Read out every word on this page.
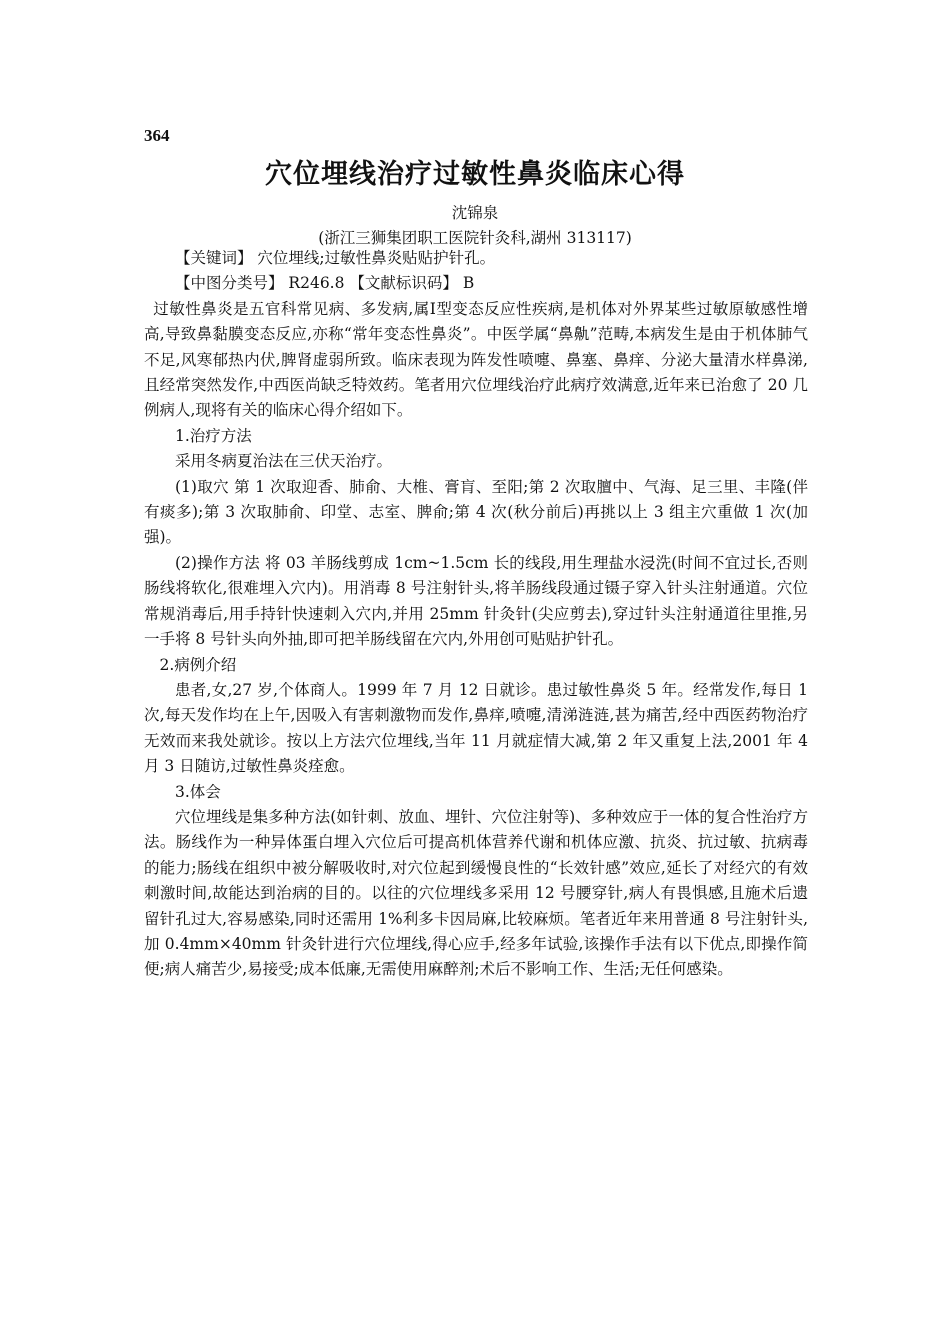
364
穴位埋线治疗过敏性鼻炎临床心得
沈锦泉
(浙江三狮集团职工医院针灸科,湖州 313117)

【关键词】 穴位埋线;过敏性鼻炎贴贴护针孔。

【中图分类号】 R246.8 【文献标识码】 B

过敏性鼻炎是五官科常见病、多发病,属Ⅰ型变态反应性疾病,是机体对外界某些过敏原敏感性增高,导致鼻黏膜变态反应,亦称“常年变态性鼻炎”。中医学属“鼻鼽”范畴,本病发生是由于机体肺气不足,风寒郁热内伏,脾肾虚弱所致。临床表现为阵发性喷嚏、鼻塞、鼻痒、分泌大量清水样鼻涕,且经常突然发作,中西医尚缺乏特效药。笔者用穴位埋线治疗此病疗效满意,近年来已治愈了 20 几例病人,现将有关的临床心得介绍如下。

1.治疗方法

采用冬病夏治法在三伏天治疗。

(1)取穴 第 1 次取迎香、肺俞、大椎、膏肓、至阳;第 2 次取膻中、气海、足三里、丰隆(伴有痰多);第 3 次取肺俞、印堂、志室、脾俞;第 4 次(秋分前后)再挑以上 3 组主穴重做 1 次(加强)。

(2)操作方法 将 03 羊肠线剪成 1cm~1.5cm 长的线段,用生理盐水浸洗(时间不宜过长,否则肠线将软化,很难埋入穴内)。用消毒 8 号注射针头,将羊肠线段通过镊子穿入针头注射通道。穴位常规消毒后,用手持针快速刺入穴内,并用 25mm 针灸针(尖应剪去),穿过针头注射通道往里推,另一手将 8 号针头向外抽,即可把羊肠线留在穴内,外用创可贴贴护针孔。

2.病例介绍

患者,女,27 岁,个体商人。1999 年 7 月 12 日就诊。患过敏性鼻炎 5 年。经常发作,每日 1 次,每天发作均在上午,因吸入有害刺激物而发作,鼻痒,喷嚏,清涕涟涟,甚为痛苦,经中西医药物治疗无效而来我处就诊。按以上方法穴位埋线,当年 11 月就症情大减,第 2 年又重复上法,2001 年 4 月 3 日随访,过敏性鼻炎痊愈。

3.体会

穴位埋线是集多种方法(如针刺、放血、埋针、穴位注射等)、多种效应于一体的复合性治疗方法。肠线作为一种异体蛋白埋入穴位后可提高机体营养代谢和机体应激、抗炎、抗过敏、抗病毒的能力;肠线在组织中被分解吸收时,对穴位起到缓慢良性的“长效针感”效应,延长了对经穴的有效刺激时间,故能达到治病的目的。以往的穴位埋线多采用 12 号腰穿针,病人有畏惧感,且施术后遗留针孔过大,容易感染,同时还需用 1%利多卡因局麻,比较麻烦。笔者近年来用普通 8 号注射针头,加 0.4mm×40mm 针灸针进行穴位埋线,得心应手,经多年试验,该操作手法有以下优点,即操作简便;病人痛苦少,易接受;成本低廉,无需使用麻醉剂;术后不影响工作、生活;无任何感染。
